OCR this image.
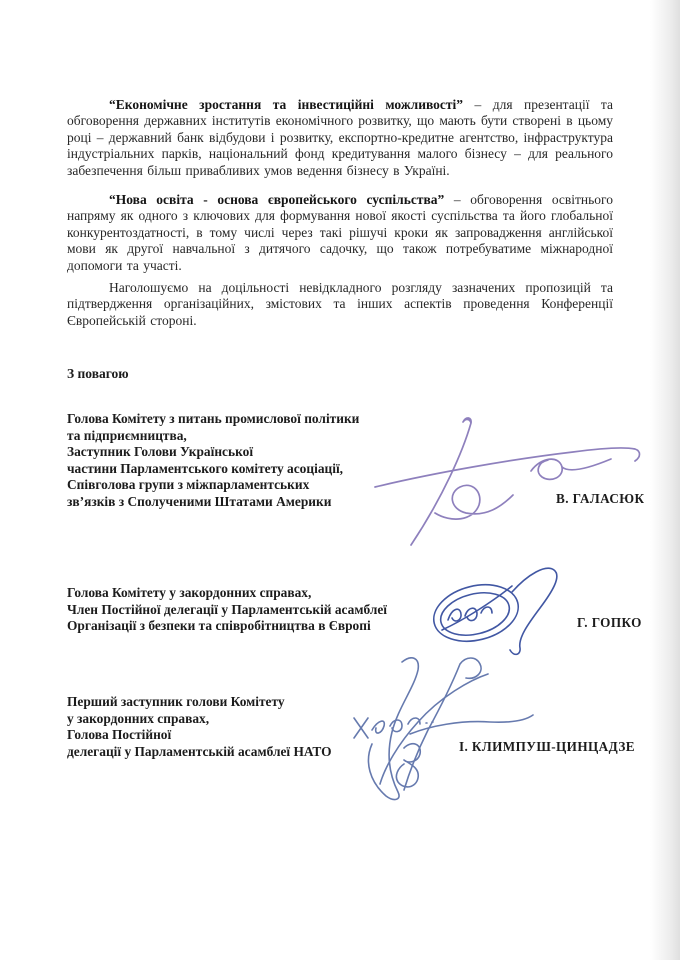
“Економічне зростання та інвестиційні можливості” – для презентації та обговорення державних інститутів економічного розвитку, що мають бути створені в цьому році – державний банк відбудови і розвитку, експортно-кредитне агентство, інфраструктура індустріальних парків, національний фонд кредитування малого бізнесу – для реального забезпечення більш привабливих умов ведення бізнесу в Україні.

“Нова освіта - основа європейського суспільства” – обговорення освітнього напряму як одного з ключових для формування нової якості суспільства та його глобальної конкурентоздатності, в тому числі через такі рішучі кроки як запровадження англійської мови як другої навчальної з дитячого садочку, що також потребуватиме міжнародної допомоги та участі.

Наголошуємо на доцільності невідкладного розгляду зазначених пропозицій та підтвердження організаційних, змістових та інших аспектів проведення Конференції Європейській стороні.

З повагою
Голова Комітету з питань промислової політики
та підприємництва,
Заступник Голови Української
частини Парламентського комітету асоціації,
Співголова групи з міжпарламентських
зв’язків з Сполученими Штатами Америки	В. ГАЛАСЮК
Голова Комітету у закордонних справах,
Член Постійної делегації у Парламентській асамблеї
Організації з безпеки та співробітництва в Європі	Г. ГОПКО
Перший заступник голови Комітету
у закордонних справах,
Голова Постійної
делегації у Парламентській асамблеї НАТО	І. КЛИМПУШ-ЦИНЦАДЗЕ
